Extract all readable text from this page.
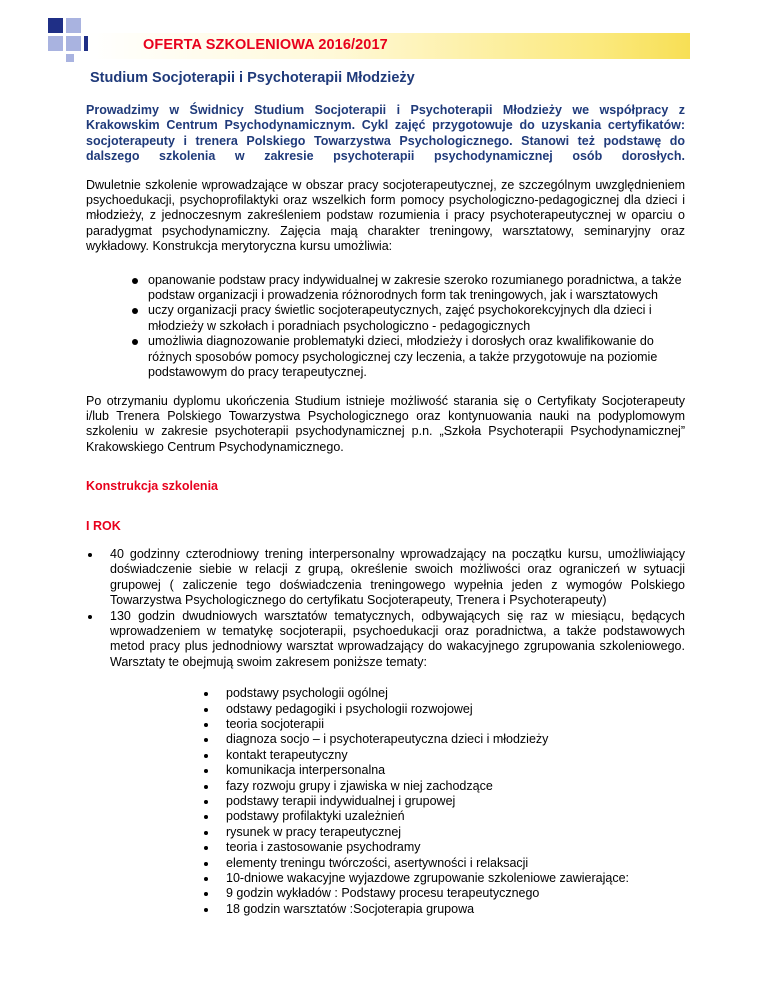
OFERTA SZKOLENIOWA 2016/2017
Studium Socjoterapii i Psychoterapii Młodzieży

Prowadzimy w Świdnicy Studium Socjoterapii i Psychoterapii Młodzieży we współpracy z Krakowskim Centrum Psychodynamicznym. Cykl zajęć przygotowuje do uzyskania certyfikatów: socjoterapeuty i trenera Polskiego Towarzystwa Psychologicznego. Stanowi też podstawę do dalszego szkolenia w zakresie psychoterapii psychodynamicznej osób dorosłych.

Dwuletnie szkolenie wprowadzające w obszar pracy socjoterapeutycznej, ze szczególnym uwzględnieniem psychoedukacji, psychoprofilaktyki oraz wszelkich form pomocy psychologiczno-pedagogicznej dla dzieci i młodzieży, z jednoczesnym zakreśleniem podstaw rozumienia i pracy psychoterapeutycznej w oparciu o paradygmat psychodynamiczny. Zajęcia mają charakter treningowy, warsztatowy, seminaryjny oraz wykładowy. Konstrukcja merytoryczna kursu umożliwia:

opanowanie podstaw pracy indywidualnej w zakresie szeroko rozumianego poradnictwa, a także podstaw organizacji i prowadzenia różnorodnych form tak treningowych, jak i warsztatowych
uczy organizacji pracy świetlic socjoterapeutycznych, zajęć psychokorekcyjnych dla dzieci i młodzieży w szkołach i poradniach psychologiczno - pedagogicznych
umożliwia diagnozowanie problematyki dzieci, młodzieży i dorosłych oraz kwalifikowanie do różnych sposobów pomocy psychologicznej czy leczenia, a także przygotowuje na poziomie podstawowym do pracy terapeutycznej.

Po otrzymaniu dyplomu ukończenia Studium istnieje możliwość starania się o Certyfikaty Socjoterapeuty i/lub Trenera Polskiego Towarzystwa Psychologicznego oraz kontynuowania nauki na podyplomowym szkoleniu w zakresie psychoterapii psychodynamicznej p.n. „Szkoła Psychoterapii Psychodynamicznej” Krakowskiego Centrum Psychodynamicznego.

Konstrukcja szkolenia

I ROK

40 godzinny czterodniowy trening interpersonalny wprowadzający na początku kursu, umożliwiający doświadczenie siebie w relacji z grupą, określenie swoich możliwości oraz ograniczeń w sytuacji grupowej ( zaliczenie tego doświadczenia treningowego wypełnia jeden z wymogów Polskiego Towarzystwa Psychologicznego do certyfikatu Socjoterapeuty, Trenera i Psychoterapeuty)
130 godzin dwudniowych warsztatów tematycznych, odbywających się raz w miesiącu, będących wprowadzeniem w tematykę socjoterapii, psychoedukacji oraz poradnictwa, a także podstawowych metod pracy plus jednodniowy warsztat wprowadzający do wakacyjnego zgrupowania szkoleniowego. Warsztaty te obejmują swoim zakresem poniższe tematy:
podstawy psychologii ogólnej
odstawy pedagogiki i psychologii rozwojowej
teoria socjoterapii
diagnoza socjo – i psychoterapeutyczna dzieci i młodzieży
kontakt terapeutyczny
komunikacja interpersonalna
fazy rozwoju grupy i zjawiska w niej zachodzące
podstawy terapii indywidualnej i grupowej
podstawy profilaktyki uzależnień
rysunek w pracy terapeutycznej
teoria i zastosowanie psychodramy
elementy treningu twórczości, asertywności i relaksacji
10-dniowe wakacyjne wyjazdowe zgrupowanie szkoleniowe zawierające:
9 godzin wykładów : Podstawy procesu terapeutycznego
18 godzin warsztatów :Socjoterapia grupowa
